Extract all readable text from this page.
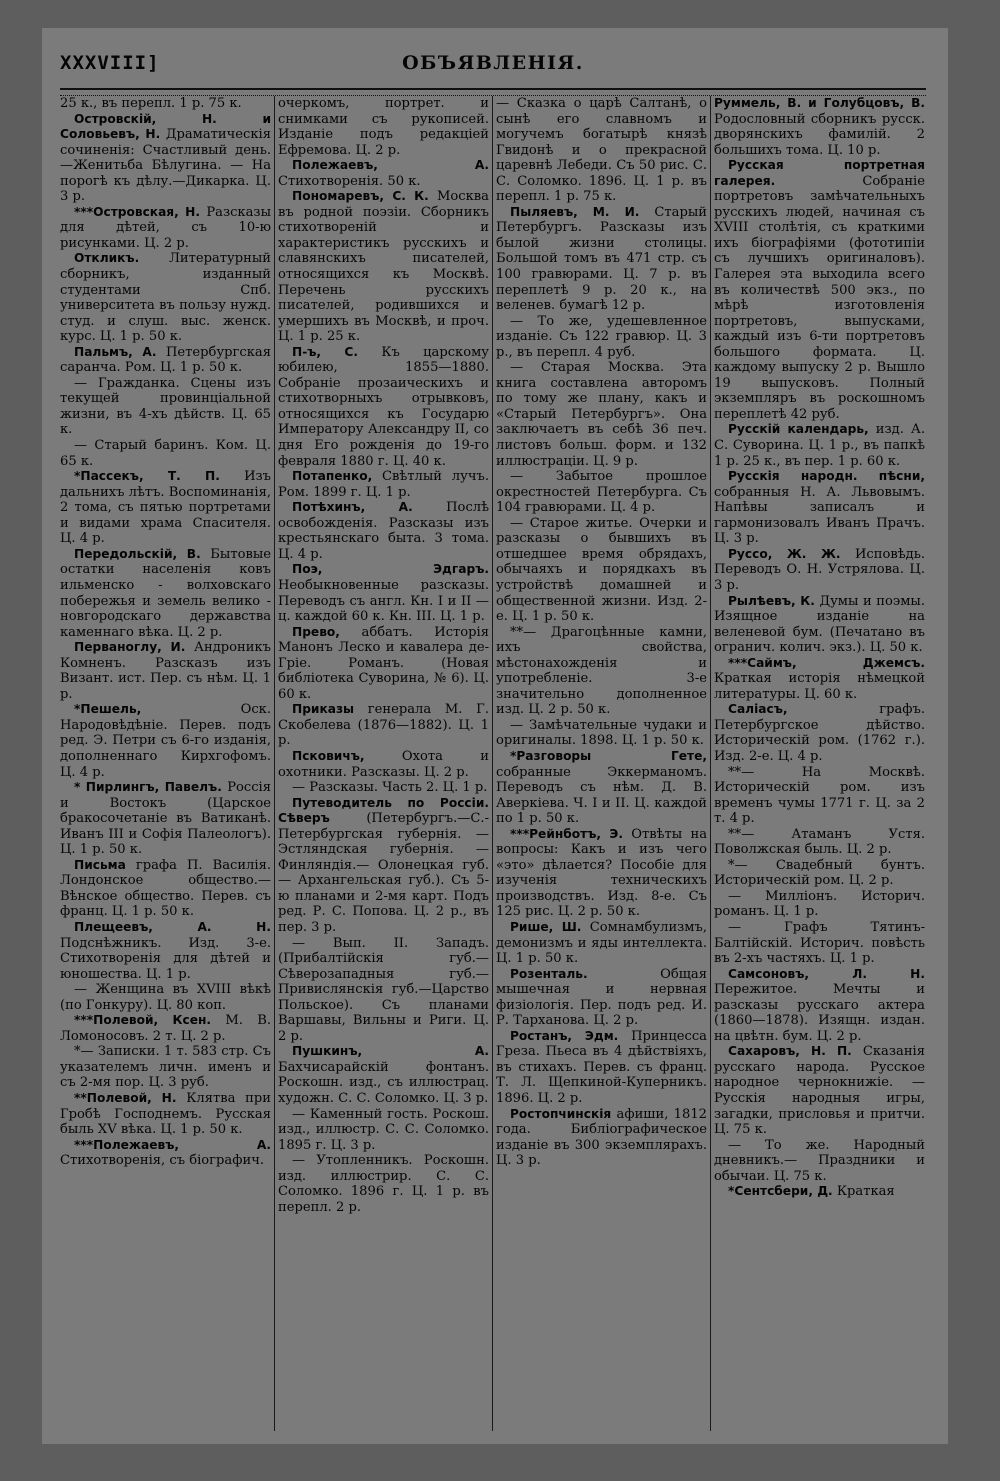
XXXVIII]	ОБЪЯВЛЕНІЯ.

25 к., въ перепл. 1 р. 75 к.

Островскій, Н. и Соловьевъ, Н. Драматическія сочиненія: Счастливый день.—Женитьба Бѣлугина. — На порогѣ къ дѣлу.—Дикарка. Ц. 3 р.

***Островская, Н. Разсказы для дѣтей, съ 10-ю рисунками. Ц. 2 р.

Откликъ. Литературный сборникъ, изданный студентами Спб. университета въ пользу нужд. студ. и слуш. выс. женск. курс. Ц. 1 р. 50 к.

Пальмъ, А. Петербургская саранча. Ром. Ц. 1 р. 50 к.

— Гражданка. Сцены изъ текущей провинціальной жизни, въ 4-хъ дѣйств. Ц. 65 к.

— Старый баринъ. Ком. Ц. 65 к.

*Пассекъ, Т. П. Изъ дальнихъ лѣтъ. Воспоминанія, 2 тома, съ пятью портретами и видами храма Спасителя. Ц. 4 р.

Передольскій, В. Бытовые остатки населенія ковъ ильменско - волховскаго побережья и земель велико - новгородскаго державства каменнаго вѣка. Ц. 2 р.

Перваноглу, И. Андроникъ Комненъ. Разсказъ изъ Визант. ист. Пер. съ нѣм. Ц. 1 р.

*Пешель,	Оск. Народовѣдѣніе. Перев. подъ ред. Э. Петри съ 6-го изданія, дополненнаго Кирхгофомъ. Ц. 4 р.

* Пирлингъ, Павелъ. Россія и Востокъ (Царское бракосочетаніе въ Ватиканѣ. Иванъ III и Софія Палеологъ). Ц. 1 р. 50 к.

Письма графа П. Василія. Лондонское общество.—Вѣнское общество. Перев. съ франц. Ц. 1 р. 50 к.

Плещеевъ, А. Н. Подснѣжникъ. Изд. 3-е. Стихотворенія для дѣтей и юношества. Ц. 1 р.

— Женщина въ XVIII вѣкѣ (по Гонкуру). Ц. 80 коп.

***Полевой, Ксен. М. В. Ломоносовъ. 2 т. Ц. 2 р.

*— Записки. 1 т. 583 стр. Съ указателемъ личн. именъ и съ 2-мя пор. Ц. 3 руб.

**Полевой, Н. Клятва при Гробѣ Господнемъ. Русская быль XV вѣка. Ц. 1 р. 50 к.

***Полежаевъ, А. Стихотворенія, съ біографич.

очеркомъ, портрет. и снимками съ рукописей. Изданіе подъ редакціей Ефремова. Ц. 2 р.

Полежаевъ, А. Стихотворенія. 50 к.

Пономаревъ, С. К. Москва въ родной поэзіи. Сборникъ стихотвореній и характеристикъ русскихъ и славянскихъ писателей, относящихся къ Москвѣ. Перечень русскихъ писателей, родившихся и умершихъ въ Москвѣ, и проч. Ц. 1 р. 25 к.

П-ъ, С. Къ царскому юбилею, 1855—1880. Собраніе прозаическихъ и стихотворныхъ отрывковъ, относящихся къ Государю Императору Александру II, со дня Его рожденія до 19-го февраля 1880 г. Ц. 40 к.

Потапенко, Свѣтлый лучъ. Ром. 1899 г. Ц. 1 р.

Потѣхинъ, А.	Послѣ освобожденія. Разсказы изъ крестьянскаго быта. 3 тома. Ц. 4 р.

Поэ, Эдгаръ. Необыкновенные разсказы. Переводъ съ англ. Кн. I и II — ц. каждой 60 к. Кн. III. Ц. 1 р.

Прево, аббатъ. Исторія Манонъ Леско и кавалера де-Гріе. Романъ. (Новая библіотека Суворина, № 6). Ц. 60 к.

Приказы генерала М. Г. Скобелева (1876—1882). Ц. 1 р.

Псковичъ,	Охота и охотники. Разсказы. Ц. 2 р.

— Разсказы. Часть 2. Ц. 1 р.

Путеводитель по Россіи. Сѣверъ	(Петербургъ.—С.-Петербургская губернія. — Эстляндская губернія. —Финляндія.— Олонецкая губ. — Архангельская губ.). Съ 5-ю планами и 2-мя карт. Подъ ред. Р. С. Попова. Ц. 2 р., въ пер. 3 р.

— Вып. II. Западъ. (Прибалтійскія губ.—Сѣверозападныя губ.—Привислянскія губ.—Царство Польское). Съ планами Варшавы, Вильны и Риги. Ц. 2 р.

Пушкинъ, А. Бахчисарайскій фонтанъ. Роскошн. изд., съ иллюстрац. художн. С. С. Соломко. Ц. 3 р.

— Каменный гость. Роскош. изд., иллюстр. С. С. Соломко. 1895 г. Ц. 3 р.

— Утопленникъ. Роскошн. изд. иллюстрир. С. С. Соломко. 1896 г. Ц. 1 р. въ перепл. 2 р.

— Сказка о царѣ Салтанѣ, о сынѣ его славномъ и могучемъ богатырѣ князѣ Гвидонѣ и о прекрасной царевнѣ Лебеди. Съ 50 рис. С. С. Соломко. 1896. Ц. 1 р. въ перепл. 1 р. 75 к.

Пыляевъ, М. И. Старый Петербургъ. Разсказы изъ былой жизни столицы. Большой томъ въ 471 стр. съ 100 гравюрами. Ц. 7 р. въ переплетѣ 9 р. 20 к., на веленев. бумагѣ 12 р.

— То же, удешевленное изданіе. Съ 122 гравюр. Ц. 3 р., въ перепл. 4 руб.

— Старая Москва. Эта книга составлена авторомъ по тому же плану, какъ и «Старый Петербургъ». Она заключаетъ въ себѣ 36 печ. листовъ больш. форм. и 132 иллюстраціи. Ц. 9 р.

— Забытое прошлое окрестностей Петербурга. Съ 104 гравюрами. Ц. 4 р.

— Старое житье. Очерки и разсказы о бывшихъ въ отшедшее время обрядахъ, обычаяхъ и порядкахъ въ устройствѣ домашней и общественной жизни. Изд. 2-е. Ц. 1 р. 50 к.

**— Драгоцѣнные камни, ихъ свойства, мѣстонахожденія и употребленіе. 3-е значительно дополненное изд. Ц. 2 р. 50 к.

— Замѣчательные чудаки и оригиналы. 1898. Ц. 1 р. 50 к.

*Разговоры Гете, собранные Эккерманомъ. Переводъ съ нѣм. Д. В. Аверкіева. Ч. I и II. Ц. каждой по 1 р. 50 к.

***Рейнботъ, Э. Отвѣты на вопросы: Какъ и изъ чего «это» дѣлается? Пособіе для изученія техническихъ производствъ. Изд. 8-е. Съ 125 рис. Ц. 2 р. 50 к.

Рише, Ш. Сомнамбулизмъ, демонизмъ и яды интеллекта. Ц. 1 р. 50 к.

Розенталь.	Общая мышечная и нервная физіологія. Пер. подъ ред. И. Р. Тарханова. Ц. 2 р.

Ростанъ, Эдм. Принцесса Греза. Пьеса въ 4 дѣйствіяхъ, въ стихахъ. Перев. съ франц. Т. Л. Щепкиной-Куперникъ. 1896. Ц. 2 р.

Ростопчинскія афиши, 1812 года. Библіографическое изданіе въ 300 экземплярахъ. Ц. 3 р.

Руммель, В. и Голубцовъ, В. Родословный сборникъ русск. дворянскихъ фамилій. 2 большихъ тома. Ц. 10 р.

Русская портретная галерея.	Собраніе портретовъ замѣчательныхъ русскихъ людей, начиная съ XVIII столѣтія, съ краткими ихъ біографіями (фототипіи съ лучшихъ оригиналовъ). Галерея эта выходила всего въ количествѣ 500 экз., по мѣрѣ изготовленія портретовъ, выпусками, каждый изъ 6-ти портретовъ большого формата. Ц. каждому выпуску 2 р. Вышло 19 выпусковъ. Полный экземпляръ въ роскошномъ переплетѣ 42 руб.

Русскій календарь, изд. А. С. Суворина. Ц. 1 р., въ папкѣ 1 р. 25 к., въ пер. 1 р. 60 к.

Русскія народн. пѣсни, собранныя Н. А. Львовымъ. Напѣвы записалъ и гармонизовалъ Иванъ Прачъ. Ц. 3 р.

Руссо, Ж. Ж. Исповѣдь. Переводъ О. Н. Устрялова. Ц. 3 р.

Рылѣевъ, К. Думы и поэмы. Изящное изданіе на веленевой бум. (Печатано въ огранич. колич. экз.). Ц. 50 к.

***Саймъ, Джемсъ. Краткая исторія нѣмецкой литературы. Ц. 60 к.

Саліасъ,	графъ. Петербургское дѣйство. Историческій ром. (1762 г.). Изд. 2-е. Ц. 4 р.

**— На Москвѣ. Историческій ром. изъ временъ чумы 1771 г. Ц. за 2 т. 4 р.

**— Атаманъ Устя. Поволжская быль. Ц. 2 р.

*— Свадебный бунтъ. Историческій ром. Ц. 2 р.

— Милліонъ. Историч. романъ. Ц. 1 р.

— Графъ Тятинъ-Балтійскій. Историч. повѣсть въ 2-хъ частяхъ. Ц. 1 р.

Самсоновъ, Л. Н. Пережитое. Мечты и разсказы русскаго актера (1860—1878). Изящн. издан. на цвѣтн. бум. Ц. 2 р.

Сахаровъ, Н. П. Сказанія русскаго народа. Русское народное чернокнижіе. — Русскія народныя игры, загадки, присловья и притчи. Ц. 75 к.

— То же. Народный дневникъ.— Праздники и обычаи. Ц. 75 к.

*Сентсбери, Д. Краткая
